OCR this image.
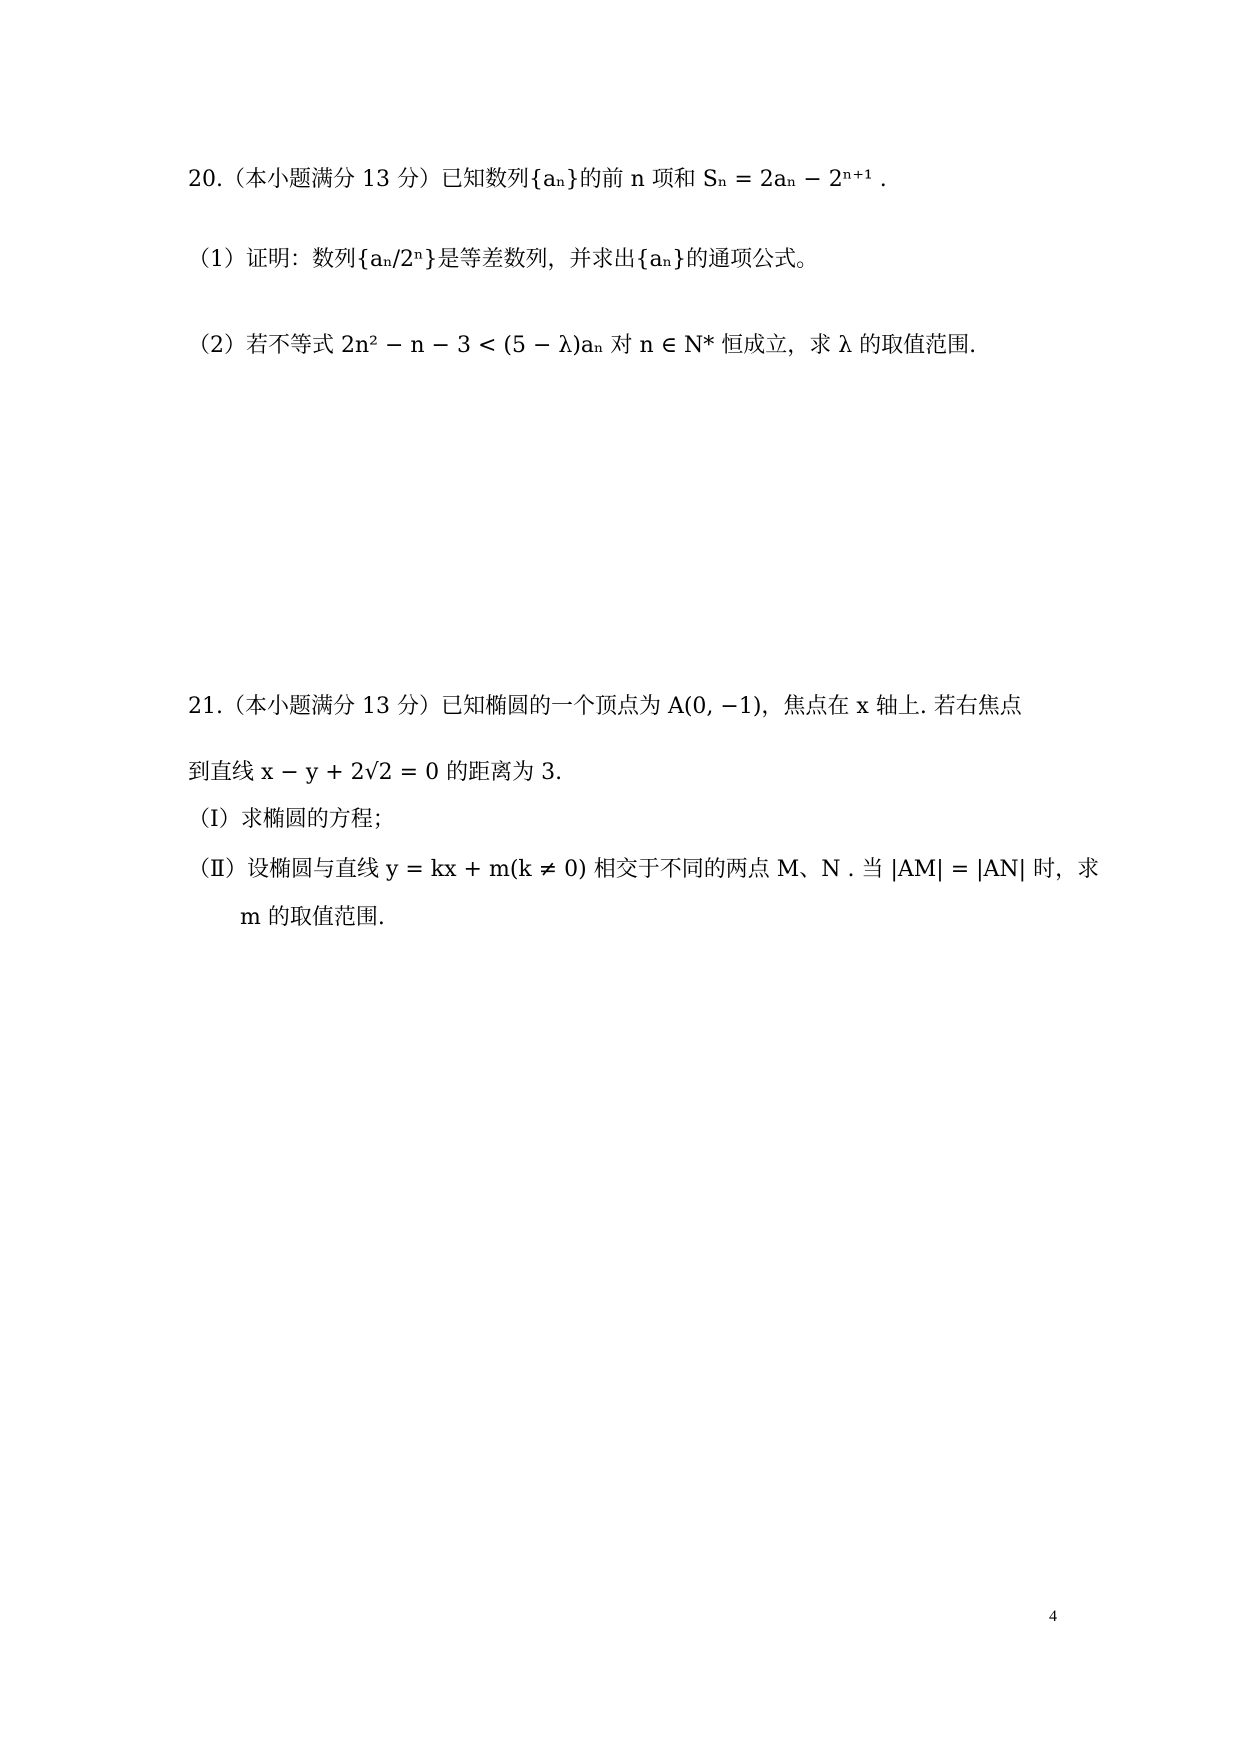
20.（本小题满分 13 分）已知数列{aₙ}的前 n 项和 Sₙ = 2aₙ − 2ⁿ⁺¹ .
（1）证明：数列{aₙ/2ⁿ}是等差数列，并求出{aₙ}的通项公式。
（2）若不等式 2n² − n − 3 < (5 − λ)aₙ 对 n ∈ N* 恒成立，求 λ 的取值范围.
21.（本小题满分 13 分）已知椭圆的一个顶点为 A(0, −1)，焦点在 x 轴上. 若右焦点
到直线 x − y + 2√2 = 0 的距离为 3.
（Ⅰ）求椭圆的方程；
（Ⅱ）设椭圆与直线 y = kx + m(k ≠ 0) 相交于不同的两点 M、N . 当 |AM| = |AN| 时，求
m 的取值范围.
4
